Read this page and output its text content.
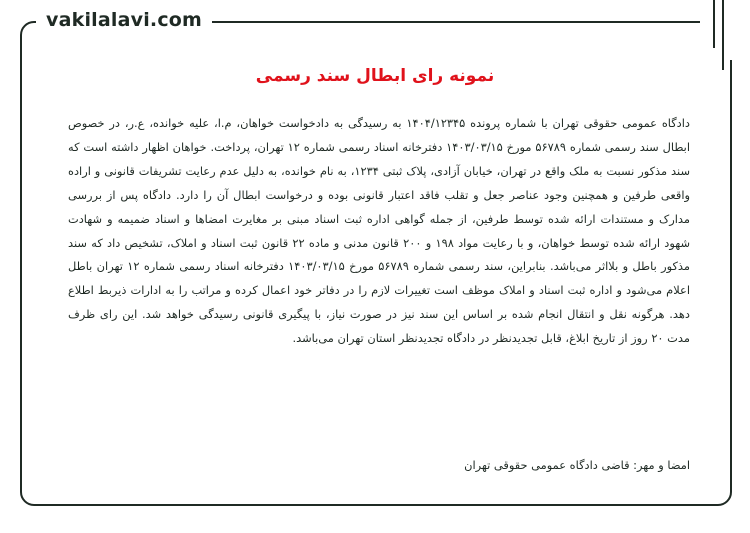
vakilalavi.com
نمونه رای ابطال سند رسمی

دادگاه عمومی حقوقی تهران با شماره پرونده ۱۴۰۴/۱۲۳۴۵ به رسیدگی به دادخواست خواهان، م.ا، علیه خوانده، ع.ر، در خصوص ابطال سند رسمی شماره ۵۶۷۸۹ مورخ ۱۴۰۳/۰۳/۱۵ دفترخانه اسناد رسمی شماره ۱۲ تهران، پرداخت. خواهان اظهار داشته است که سند مذکور نسبت به ملک واقع در تهران، خیابان آزادی، پلاک ثبتی ۱۲۳۴، به نام خوانده، به دلیل عدم رعایت تشریفات قانونی و اراده واقعی طرفین و همچنین وجود عناصر جعل و تقلب فاقد اعتبار قانونی بوده و درخواست ابطال آن را دارد. دادگاه پس از بررسی مدارک و مستندات ارائه شده توسط طرفین، از جمله گواهی اداره ثبت اسناد مبنی بر مغایرت امضاها و اسناد ضمیمه و شهادت شهود ارائه شده توسط خواهان، و با رعایت مواد ۱۹۸ و ۲۰۰ قانون مدنی و ماده ۲۲ قانون ثبت اسناد و املاک، تشخیص داد که سند مذکور باطل و بلااثر می‌باشد. بنابراین، سند رسمی شماره ۵۶۷۸۹ مورخ ۱۴۰۳/۰۳/۱۵ دفترخانه اسناد رسمی شماره ۱۲ تهران باطل اعلام می‌شود و اداره ثبت اسناد و املاک موظف است تغییرات لازم را در دفاتر خود اعمال کرده و مراتب را به ادارات ذیربط اطلاع دهد. هرگونه نقل و انتقال انجام شده بر اساس این سند نیز در صورت نیاز، با پیگیری قانونی رسیدگی خواهد شد. این رای ظرف مدت ۲۰ روز از تاریخ ابلاغ، قابل تجدیدنظر در دادگاه تجدیدنظر استان تهران می‌باشد.

امضا و مهر: قاضی دادگاه عمومی حقوقی تهران
